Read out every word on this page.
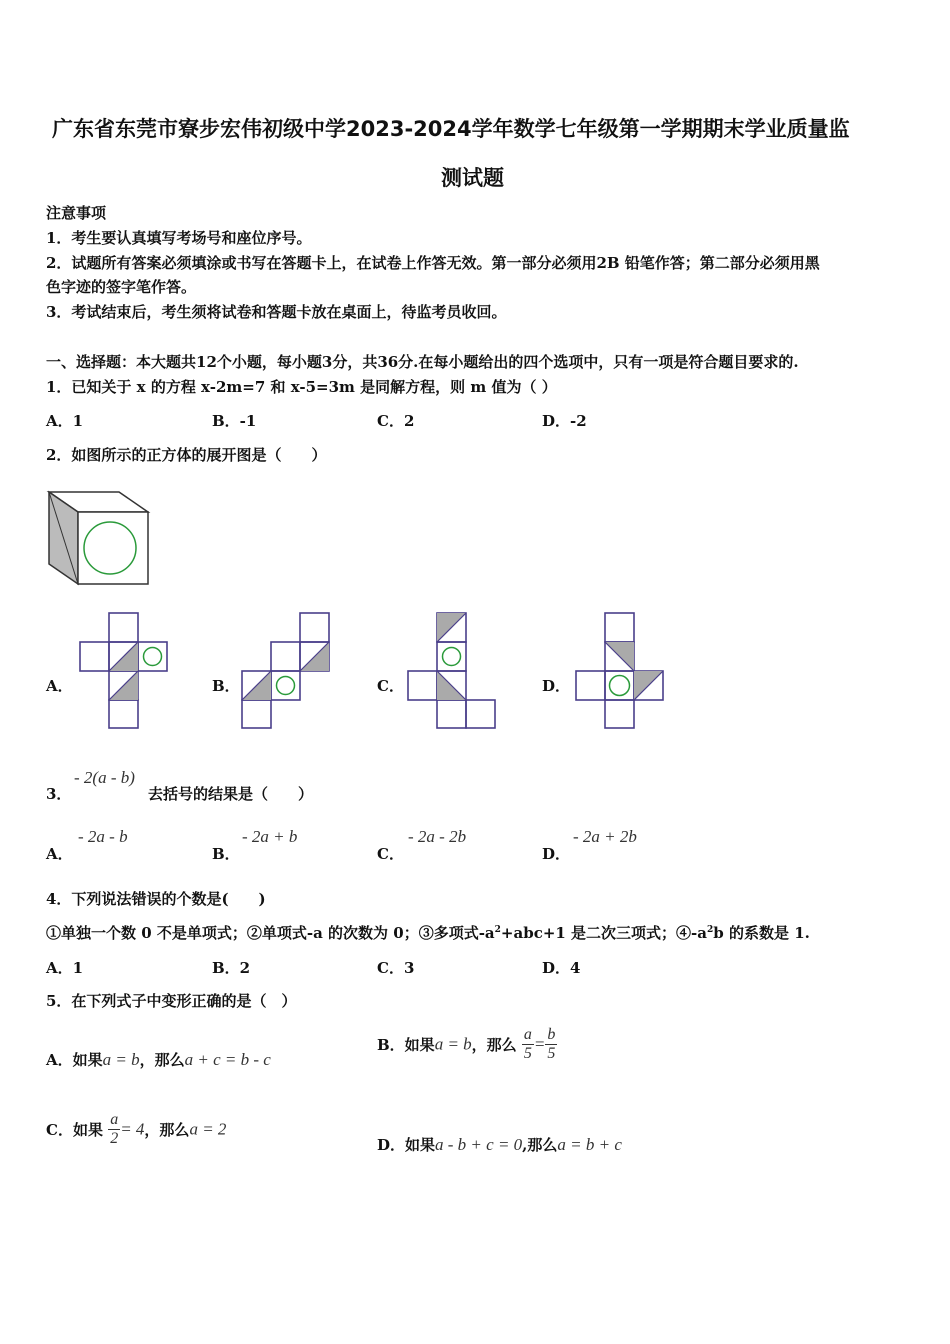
广东省东莞市寮步宏伟初级中学2023-2024学年数学七年级第一学期期末学业质量监
测试题
注意事项
1．考生要认真填写考场号和座位序号。
2．试题所有答案必须填涂或书写在答题卡上，在试卷上作答无效。第一部分必须用2B 铅笔作答；第二部分必须用黑
色字迹的签字笔作答。
3．考试结束后，考生须将试卷和答题卡放在桌面上，待监考员收回。
一、选择题：本大题共12个小题，每小题3分，共36分.在每小题给出的四个选项中，只有一项是符合题目要求的.
1．已知关于 x 的方程 x-2m=7 和 x-5=3m 是同解方程，则 m 值为（ ）
A．1	B．-1	C．2	D．-2
2．如图所示的正方体的展开图是（　　）
A．	B．	C．	D．
3．
- 2(a - b)
去括号的结果是（　　）
A．
- 2a - b
B．
- 2a + b
C．
- 2a - 2b
D．
- 2a + 2b
4．下列说法错误的个数是(　　)
①单独一个数 0 不是单项式；②单项式-a 的次数为 0；③多项式$-a^2+abc+1$ 是二次三项式；$④-a^2b$ 的系数是 1.
A．1	B．2	C．3	D．4
5．在下列式子中变形正确的是（　）
A．如果a = b，那么a + c = b - c
B．如果a = b，那么 $\frac{a}{5} = \frac{b}{5}$
C．如果 $\frac{a}{2} = 4$，那么a = 2
D．如果a - b + c = 0,那么a = b + c
